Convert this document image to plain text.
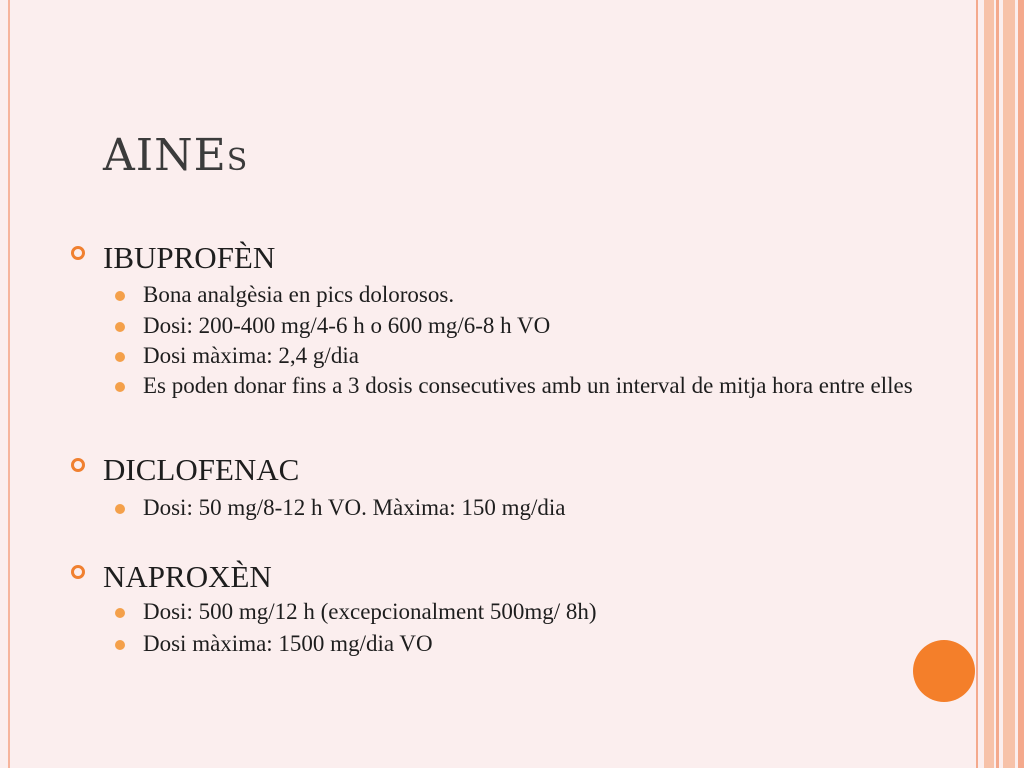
AINES
IBUPROFÈN
Bona analgèsia en pics dolorosos.
Dosi: 200-400 mg/4-6 h o 600 mg/6-8 h VO
Dosi màxima: 2,4 g/dia
Es poden donar fins a 3 dosis consecutives amb un interval de mitja hora entre elles
DICLOFENAC
Dosi: 50 mg/8-12 h VO. Màxima: 150 mg/dia
NAPROXÈN
Dosi: 500 mg/12 h (excepcionalment 500mg/ 8h)
Dosi màxima: 1500 mg/dia VO
